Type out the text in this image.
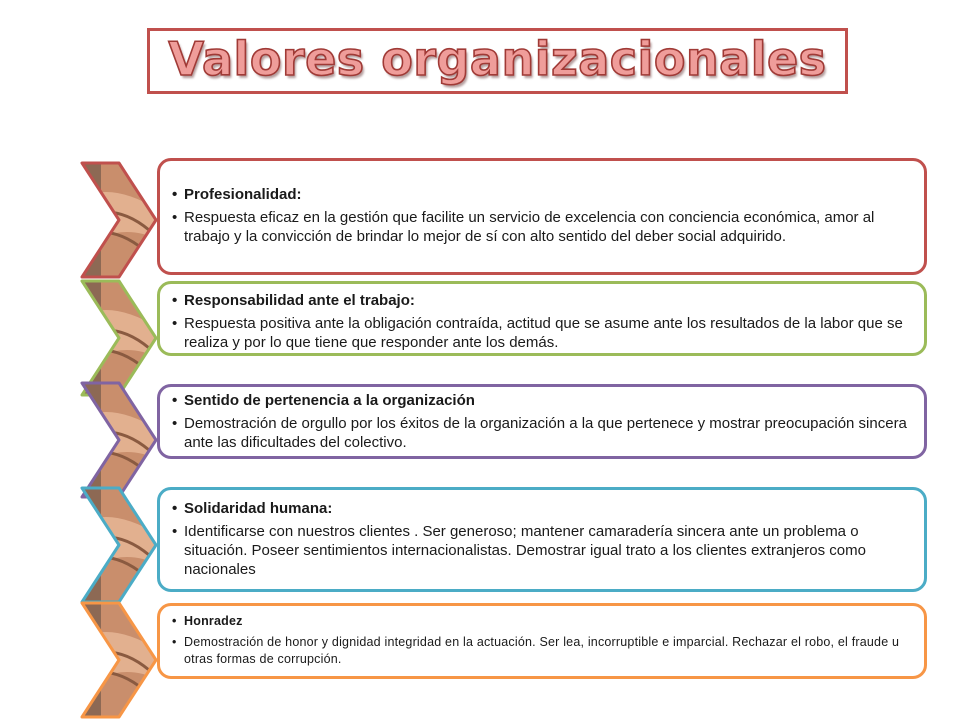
Valores organizacionales
• Profesionalidad:
• Respuesta eficaz en la gestión que facilite un servicio de excelencia con conciencia económica, amor al trabajo y la convicción de brindar lo mejor de sí con alto sentido del deber social adquirido.
• Responsabilidad ante el trabajo:
• Respuesta positiva ante la obligación contraída, actitud que se asume ante los resultados de la labor que se realiza y por lo que tiene que responder ante los demás.
• Sentido de pertenencia a la organización
• Demostración de orgullo por los éxitos de la organización a la que pertenece y mostrar preocupación sincera ante las dificultades del colectivo.
• Solidaridad humana:
• Identificarse con nuestros clientes . Ser generoso; mantener camaradería sincera ante un problema o situación. Poseer sentimientos internacionalistas. Demostrar igual trato a los clientes extranjeros como nacionales
• Honradez
• Demostración de honor y dignidad integridad en la actuación. Ser lea, incorruptible e imparcial. Rechazar el robo, el fraude u otras formas de corrupción.
